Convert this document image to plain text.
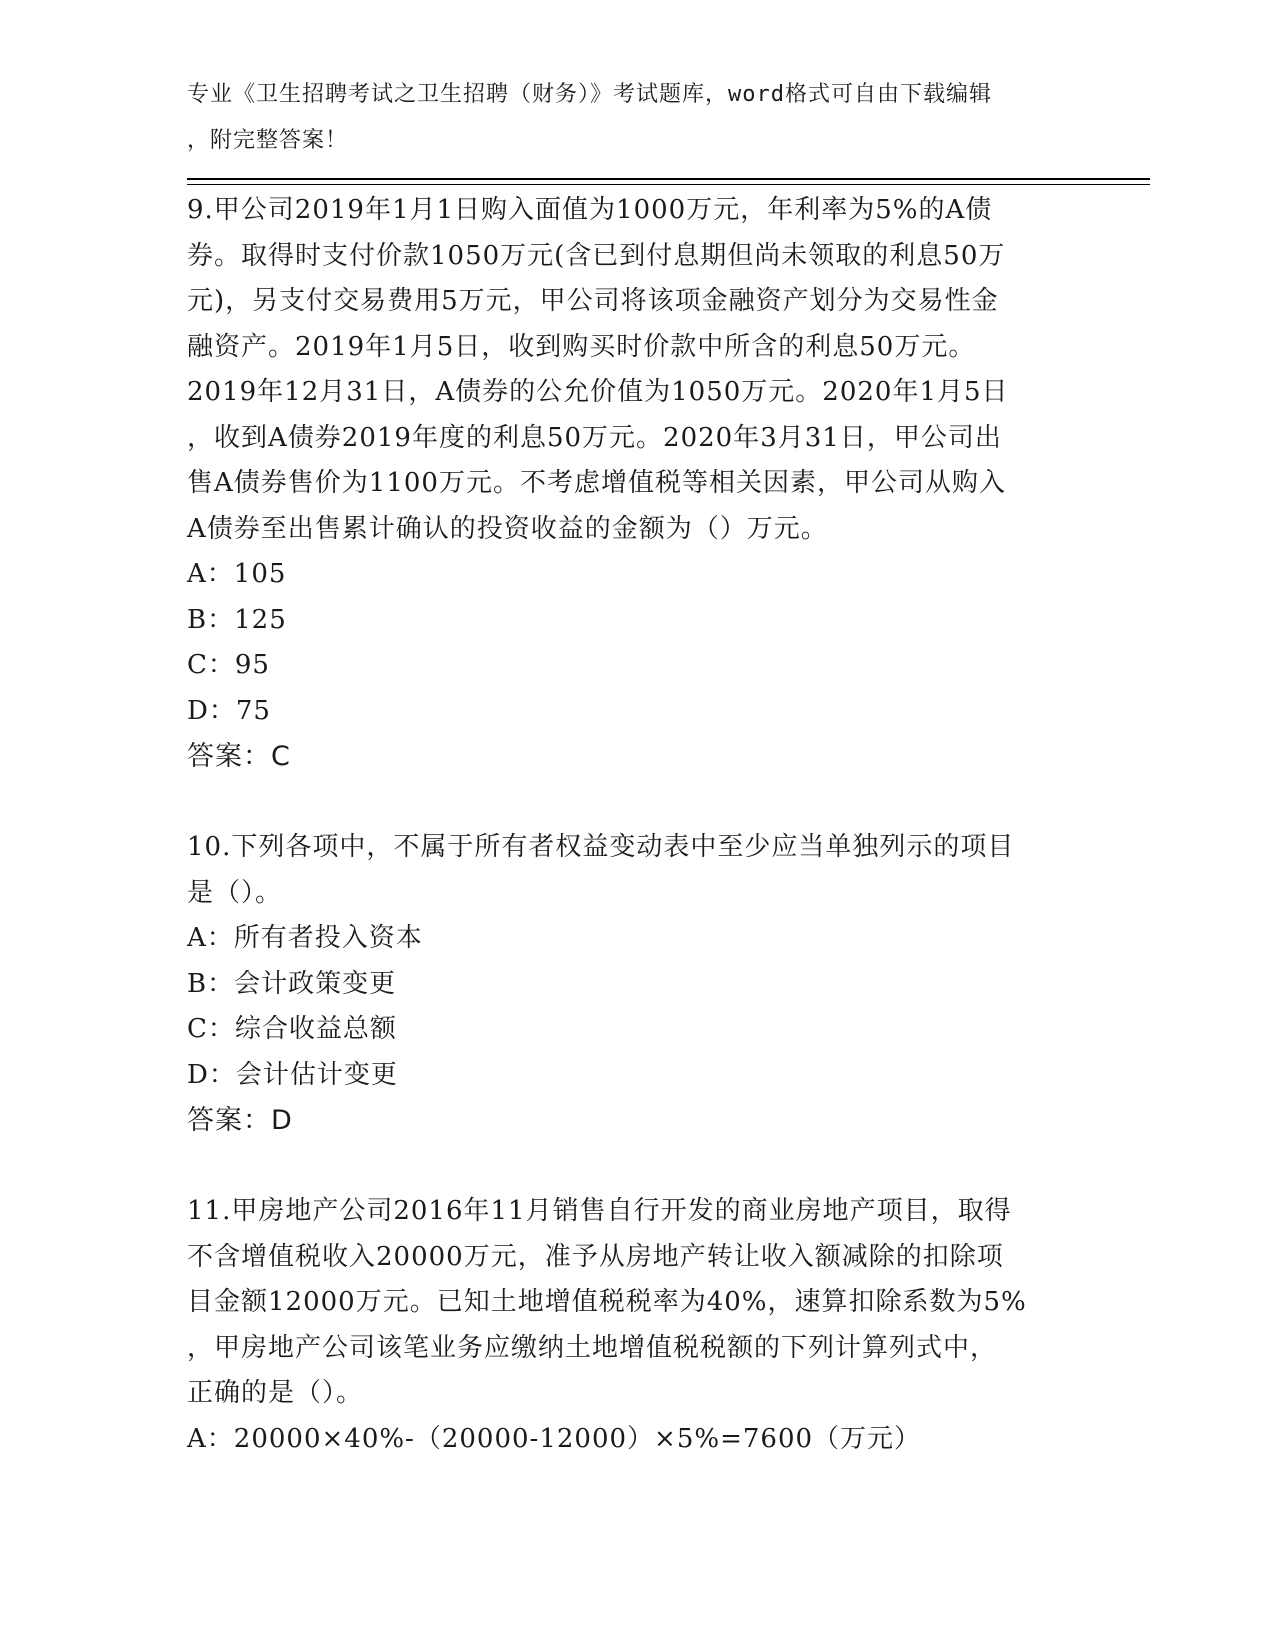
专业《卫生招聘考试之卫生招聘（财务）》考试题库，word格式可自由下载编辑
，附完整答案！
9.甲公司2019年1月1日购入面值为1000万元，年利率为5%的A债
券。取得时支付价款1050万元(含已到付息期但尚未领取的利息50万
元)，另支付交易费用5万元，甲公司将该项金融资产划分为交易性金
融资产。2019年1月5日，收到购买时价款中所含的利息50万元。
2019年12月31日，A债券的公允价值为1050万元。2020年1月5日
，收到A债券2019年度的利息50万元。2020年3月31日，甲公司出
售A债券售价为1100万元。不考虑增值税等相关因素，甲公司从购入
A债券至出售累计确认的投资收益的金额为（）万元。
A：105
B：125
C：95
D：75
答案：C
10.下列各项中，不属于所有者权益变动表中至少应当单独列示的项目
是（）。
A：所有者投入资本
B：会计政策变更
C：综合收益总额
D：会计估计变更
答案：D
11.甲房地产公司2016年11月销售自行开发的商业房地产项目，取得
不含增值税收入20000万元，准予从房地产转让收入额减除的扣除项
目金额12000万元。已知土地增值税税率为40%，速算扣除系数为5%
，甲房地产公司该笔业务应缴纳土地增值税税额的下列计算列式中，
正确的是（）。
A：20000×40%-（20000-12000）×5%=7600（万元）
